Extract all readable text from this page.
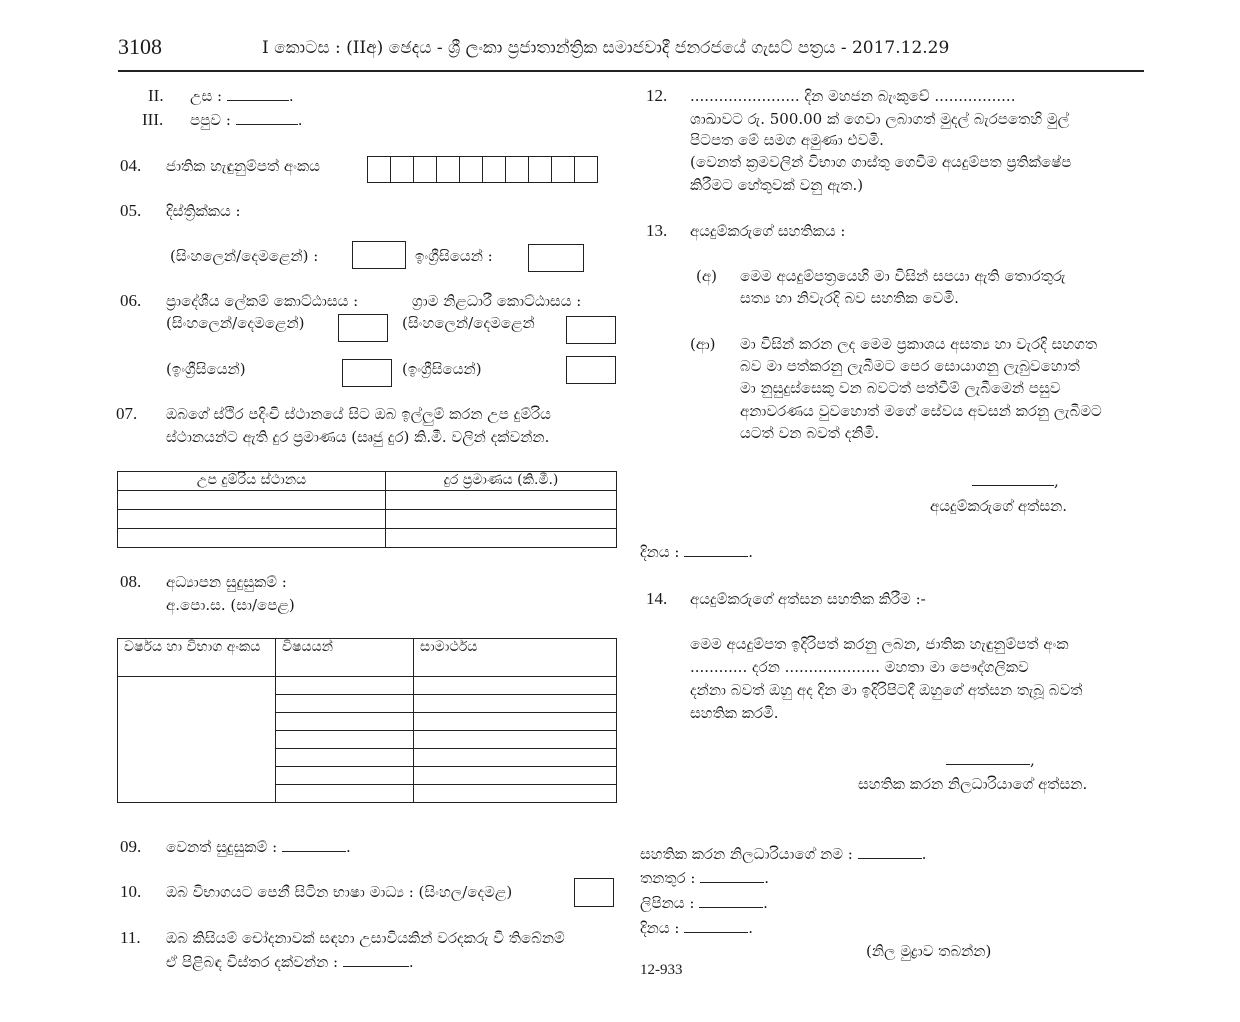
3108	I කොටස : (IIඅ) ඡෙදය - ශ්‍රී ලංකා ප්‍රජාතාන්ත්‍රික සමාජවාදී ජනරජයේ ගැසට් පත්‍රය - 2017.12.29
II. උස :	.
III. පපුව :	.
04. ජාතික හැඳුනුම්පත් අංකය
05. දිස්ත්‍රික්කය :
(සිංහලෙන්/දෙමළෙන්) :	ඉංග්‍රීසියෙන් :
06. ප්‍රාදේශීය ලේකම් කොට්ඨාසය :	ග්‍රාම නිළධාරී කොට්ඨාසය :
(සිංහලෙන්/දෙමළෙන්)	(සිංහලෙන්/දෙමළෙන්
(ඉංග්‍රීසියෙන්)	(ඉංග්‍රීසියෙන්)
07. ඔබගේ ස්ථිර පදිංචි ස්ථානයේ සිට ඔබ ඉල්ලුම් කරන උප දුම්රිය
ස්ථානයන්ට ඇති දුර ප්‍රමාණය (සෘජු දුර) කි.මී. වලින් දක්වන්න.
උප දුම්රිය ස්ථානය	දුර ප්‍රමාණය (කි.මී.)

08. අධ්‍යාපන සුදුසුකම් :
අ.පො.ස. (සා/පෙළ)
වර්ෂය හා විභාග අංකය	විෂයයන්	සාමාර්ථය

09. වෙනත් සුදුසුකම් :	.
10. ඔබ විභාගයට පෙනී සිටින භාෂා මාධ්‍ය : (සිංහල/දෙමළ)
11. ඔබ කිසියම් චෝදනාවක් සඳහා උසාවියකින් වරදකරු වී තිබේනම්
ඒ පිළිබඳ විස්තර දක්වන්න :	.
12. ....................... දින මහජන බැංකුවේ .................
ශාඛාවට රු. 500.00 ක් ගෙවා ලබාගත් මුදල් බැරපතෙහි මුල්
පිටපත මේ සමග අමුණා එවමි.
(වෙනත් ක්‍රමවලින් විභාග ගාස්තු ගෙවීම අයදුම්පත ප්‍රතික්ෂේප
කිරීමට හේතුවක් වනු ඇත.)
13. අයදුම්කරුගේ සහතිකය :
(අ) මෙම අයදුම්පත්‍රයෙහි මා විසින් සපයා ඇති තොරතුරු
සත්‍ය හා නිවැරදි බව සහතික වෙමි.
(ආ) මා විසින් කරන ලද මෙම ප්‍රකාශය අසත්‍ය හා වැරදි සහගත
බව මා පත්කරනු ලැබීමට පෙර සොයාගනු ලැබුවහොත්
මා නුසුදුස්සෙකු වන බවටත් පත්වීම් ලැබීමෙන් පසුව
අනාවරණය වුවහොත් මගේ සේවය අවසන් කරනු ලැබීමට
යටත් වන බවත් දනිමි.
,
අයදුම්කරුගේ අත්සන.
දිනය :	.
14. අයදුම්කරුගේ අත්සන සහතික කිරීම :-
මෙම අයදුම්පත ඉදිරිපත් කරනු ලබන, ජාතික හැඳුනුම්පත් අංක
............ දරන .................... මහතා මා පෞද්ගලිකව
දන්නා බවත් ඔහු අද දින මා ඉදිරිපිටදී ඔහුගේ අත්සන තැබූ බවත්
සහතික කරමි.
,
සහතික කරන නිලධාරියාගේ අත්සන.
සහතික කරන නිලධාරියාගේ නම :	.
තනතුර :	.
ලිපිනය :	.
දිනය :	.
(නිල මුද්‍රාව තබන්න)
12-933
